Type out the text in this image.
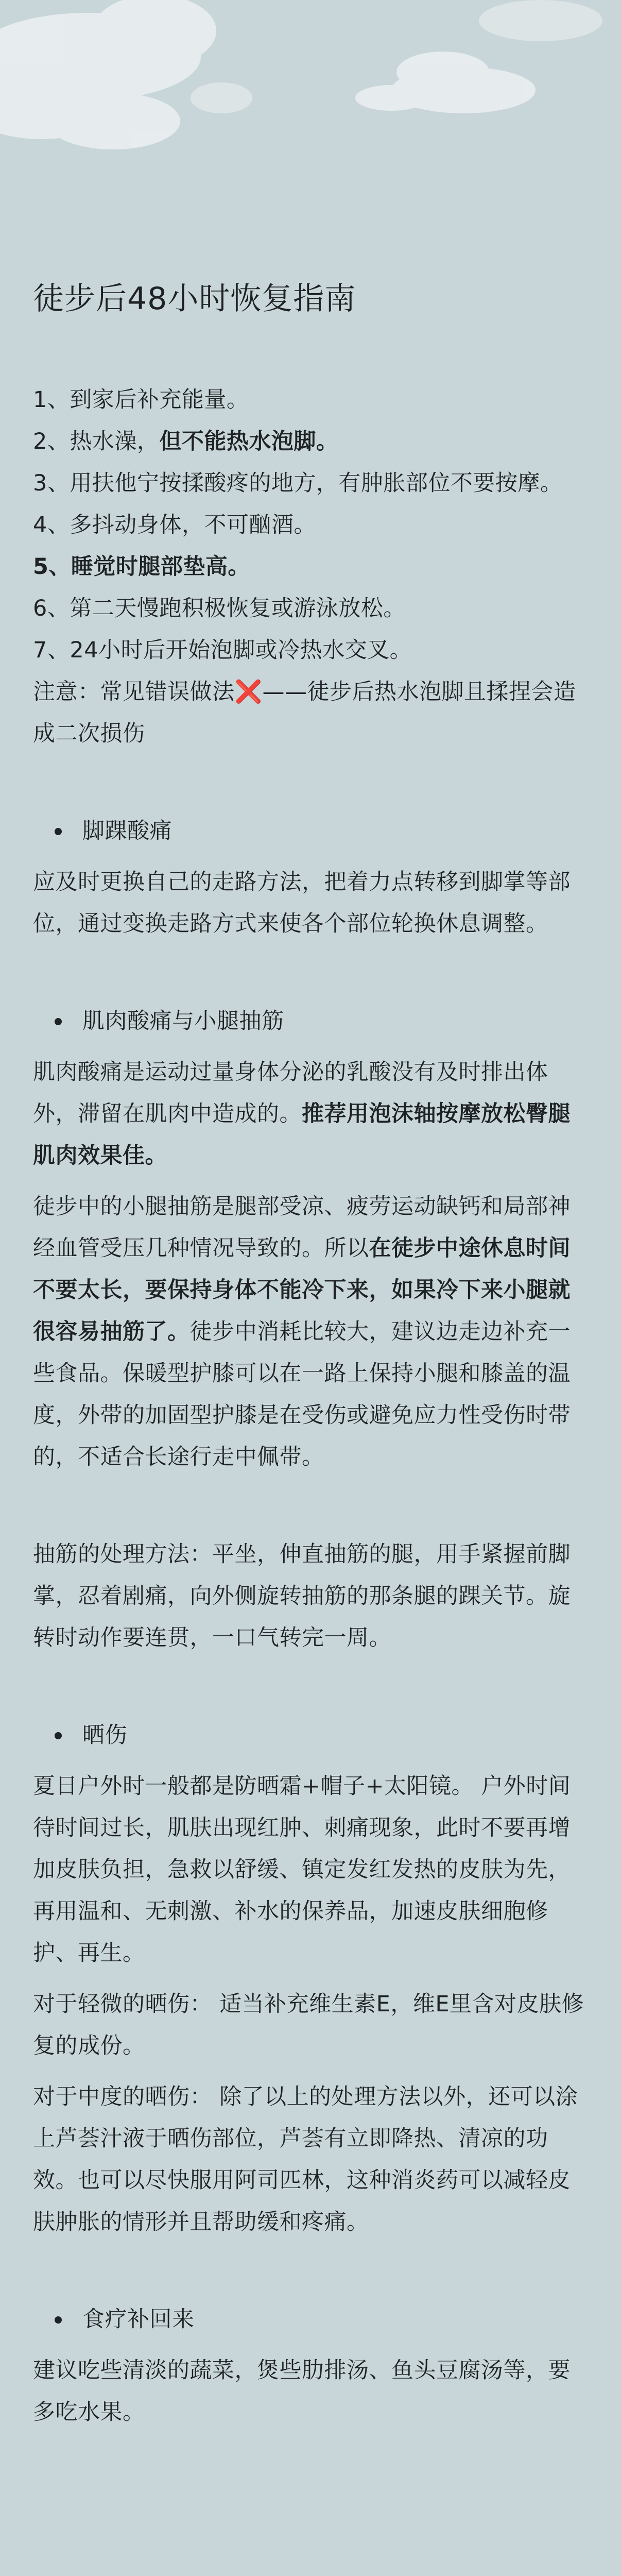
徒步后48小时恢复指南

1、到家后补充能量。

2、热水澡，但不能热水泡脚。

3、用扶他宁按揉酸疼的地方，有肿胀部位不要按摩。

4、多抖动身体，不可酗酒。

5、睡觉时腿部垫高。

6、第二天慢跑积极恢复或游泳放松。

7、24小时后开始泡脚或冷热水交叉。

注意：常见错误做法❌——徒步后热水泡脚且揉捏会造成二次损伤

脚踝酸痛

应及时更换自己的走路方法，把着力点转移到脚掌等部位，通过变换走路方式来使各个部位轮换休息调整。

肌肉酸痛与小腿抽筋

肌肉酸痛是运动过量身体分泌的乳酸没有及时排出体外，滞留在肌肉中造成的。推荐用泡沫轴按摩放松臀腿肌肉效果佳。

徒步中的小腿抽筋是腿部受凉、疲劳运动缺钙和局部神经血管受压几种情况导致的。所以在徒步中途休息时间不要太长，要保持身体不能冷下来，如果冷下来小腿就很容易抽筋了。徒步中消耗比较大，建议边走边补充一些食品。保暖型护膝可以在一路上保持小腿和膝盖的温度，外带的加固型护膝是在受伤或避免应力性受伤时带的，不适合长途行走中佩带。

抽筋的处理方法：平坐，伸直抽筋的腿，用手紧握前脚掌，忍着剧痛，向外侧旋转抽筋的那条腿的踝关节。旋转时动作要连贯，一口气转完一周。

晒伤

夏日户外时一般都是防晒霜+帽子+太阳镜。 户外时间待时间过长，肌肤出现红肿、刺痛现象，此时不要再增加皮肤负担，急救以舒缓、镇定发红发热的皮肤为先，再用温和、无刺激、补水的保养品，加速皮肤细胞修护、再生。

对于轻微的晒伤： 适当补充维生素E，维E里含对皮肤修复的成份。

对于中度的晒伤： 除了以上的处理方法以外，还可以涂上芦荟汁液于晒伤部位，芦荟有立即降热、清凉的功效。也可以尽快服用阿司匹林，这种消炎药可以减轻皮肤肿胀的情形并且帮助缓和疼痛。

食疗补回来

建议吃些清淡的蔬菜，煲些肋排汤、鱼头豆腐汤等，要多吃水果。
